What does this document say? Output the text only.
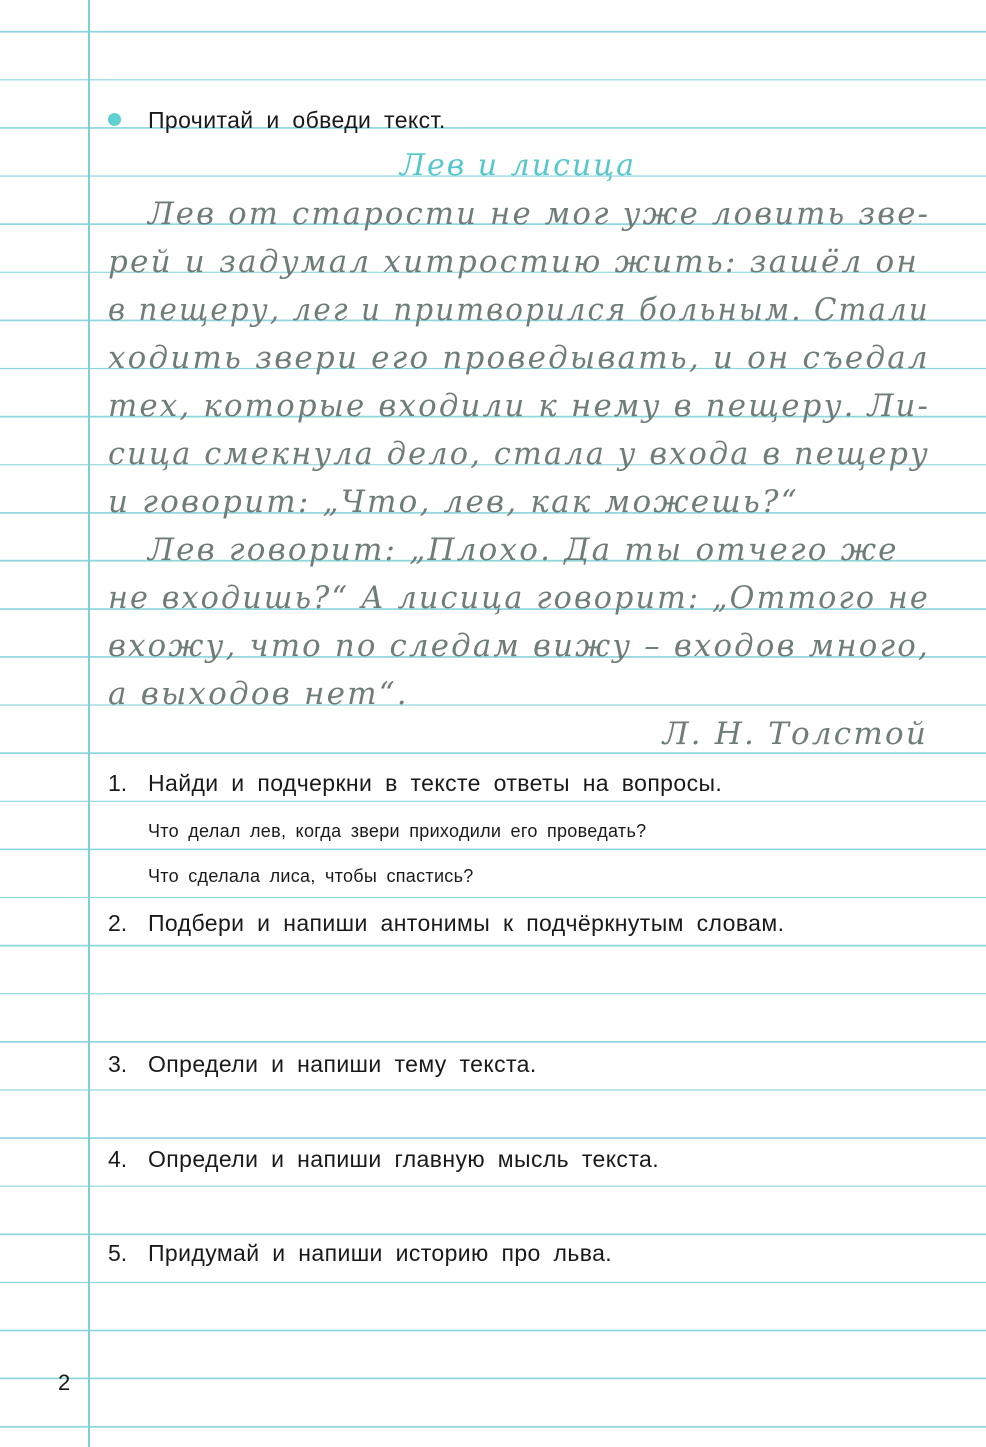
Прочитай и обведи текст.
Лев и лисица
Лев от старости не мог уже ловить зве-
рей и задумал хитростию жить: зашёл он
в пещеру, лег и притворился больным. Стали
ходить звери его проведывать, и он съедал
тех, которые входили к нему в пещеру. Ли-
сица смекнула дело, стала у входа в пещеру
и говорит: „Что, лев, как можешь?“
Лев говорит: „Плохо. Да ты отчего же
не входишь?“ А лисица говорит: „Оттого не
вхожу, что по следам вижу – входов много,
а выходов нет“.
Л. Н. Толстой
1. Найди и подчеркни в тексте ответы на вопросы.
Что делал лев, когда звери приходили его проведать?
Что сделала лиса, чтобы спастись?
2. Подбери и напиши антонимы к подчёркнутым словам.
3. Определи и напиши тему текста.
4. Определи и напиши главную мысль текста.
5. Придумай и напиши историю про льва.
2
